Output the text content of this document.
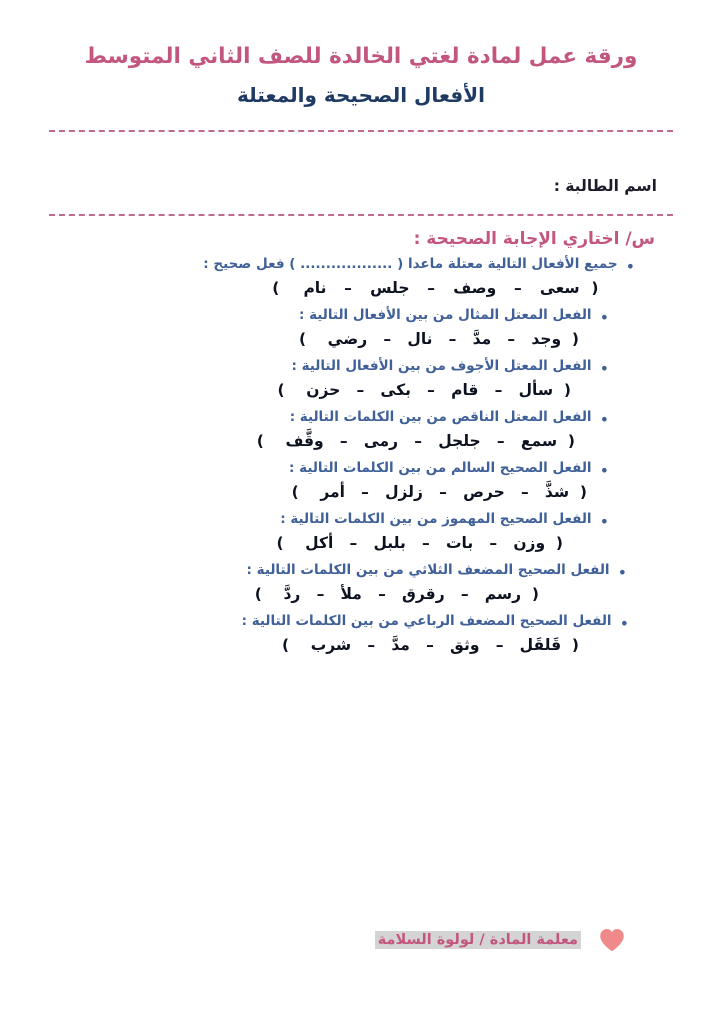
ورقة عمل لمادة لغتي الخالدة للصف الثاني المتوسط
الأفعال الصحيحة والمعتلة
اسم الطالبة :
س/ اختاري الإجابة الصحيحة :
•
جميع الأفعال التالية معتلة ماعدا ( .................. ) فعل صحيح :
(  سعى   –   وصف   –   جلس   –   نام    )
•
الفعل المعتل المثال من بين الأفعال التالية :
(  وجد   –   مدَّ   –   نال   –   رضي    )
•
الفعل المعتل الأجوف من بين الأفعال التالية :
(  سأل   –   قام   –   بكى   –   حزن    )
•
الفعل المعتل الناقص من بين الكلمات التالية :
(  سمع   –   جلجل   –   رمى   –   وقَّف    )
•
الفعل الصحيح السالم من بين الكلمات التالية :
(  شذَّ   –   حرص   –   زلزل   –   أمر    )
•
الفعل الصحيح المهموز من بين الكلمات التالية :
(  وزن   –   بات   –   بلبل   –   أكل    )
•
الفعل الصحيح المضعف الثلاثي من بين الكلمات التالية :
(  رسم   –   رقرق   –   ملأ   –   ردَّ    )
•
الفعل الصحيح المضعف الرباعي من بين الكلمات التالية :
(  قَلقَل   –   وثق   –   مدَّ   –   شرب    )
معلمة المادة / لولوة السلامة
